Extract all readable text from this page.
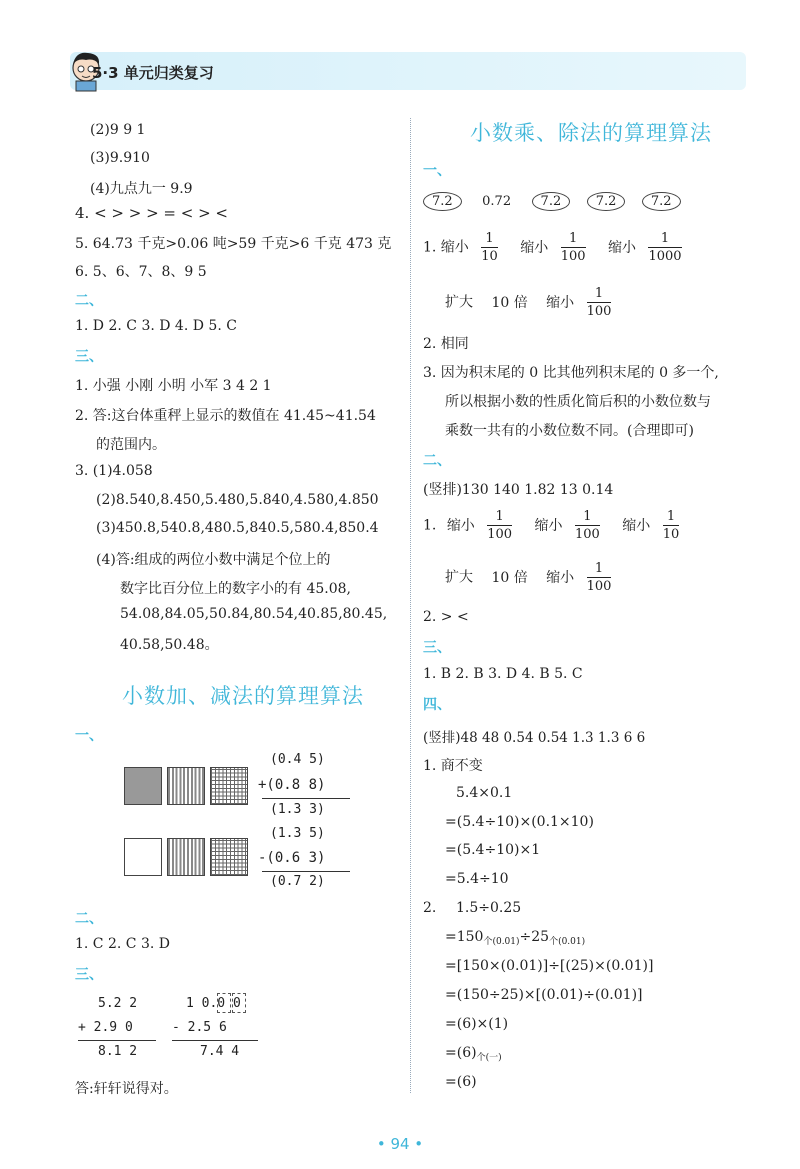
5·3 单元归类复习
(2)9 9 1
(3)9.910
(4)九点九一 9.9
4. < > > > = < > <
5. 64.73 千克>0.06 吨>59 千克>6 千克 473 克
6. 5、6、7、8、9 5
二、
1. D 2. C 3. D 4. D 5. C
三、
1. 小强 小刚 小明 小军 3 4 2 1
2. 答:这台体重秤上显示的数值在 41.45~41.54
的范围内。
3. (1)4.058
(2)8.540,8.450,5.480,5.840,4.580,4.850
(3)450.8,540.8,480.5,840.5,580.4,850.4
(4)答:组成的两位小数中满足个位上的
数字比百分位上的数字小的有 45.08,
54.08,84.05,50.84,80.54,40.85,80.45,
40.58,50.48。
小数加、减法的算理算法
一、
(0.4 5)
+(0.8 8)
(1.3 3)
(1.3 5)
-(0.6 3)
(0.7 2)
二、
1. C 2. C 3. D
三、
5.2 2
+ 2.9 0
8.1 2
1 0.0 0
- 2.5 6
7.4 4
答:轩轩说得对。
小数乘、除法的算理算法
一、
7.2 0.72 7.2	7.2	7.2
1. 缩小 $\frac{1}{10}$ 缩小 $\frac{1}{100}$ 缩小 $\frac{1}{1000}$
扩大 10 倍 缩小 $\frac{1}{100}$
2. 相同
3. 因为积末尾的 0 比其他列积末尾的 0 多一个,
所以根据小数的性质化简后积的小数位数与
乘数一共有的小数位数不同。(合理即可)
二、
(竖排)130 140 1.82 13 0.14
1. 缩小 $\frac{1}{100}$ 缩小 $\frac{1}{100}$ 缩小 $\frac{1}{10}$
扩大 10 倍 缩小 $\frac{1}{100}$
2. > <
三、
1. B 2. B 3. D 4. B 5. C
四、
(竖排)48 48 0.54 0.54 1.3 1.3 6 6
1. 商不变
5.4×0.1
=(5.4÷10)×(0.1×10)
=(5.4÷10)×1
=5.4÷10
2. 1.5÷0.25
$=150_{个(0.01)}\div 25_{个(0.01)}$
=[150×(0.01)]÷[(25)×(0.01)]
=(150÷25)×[(0.01)÷(0.01)]
=(6)×(1)
$=(6)_{个(一)}$
=(6)
• 94 •
